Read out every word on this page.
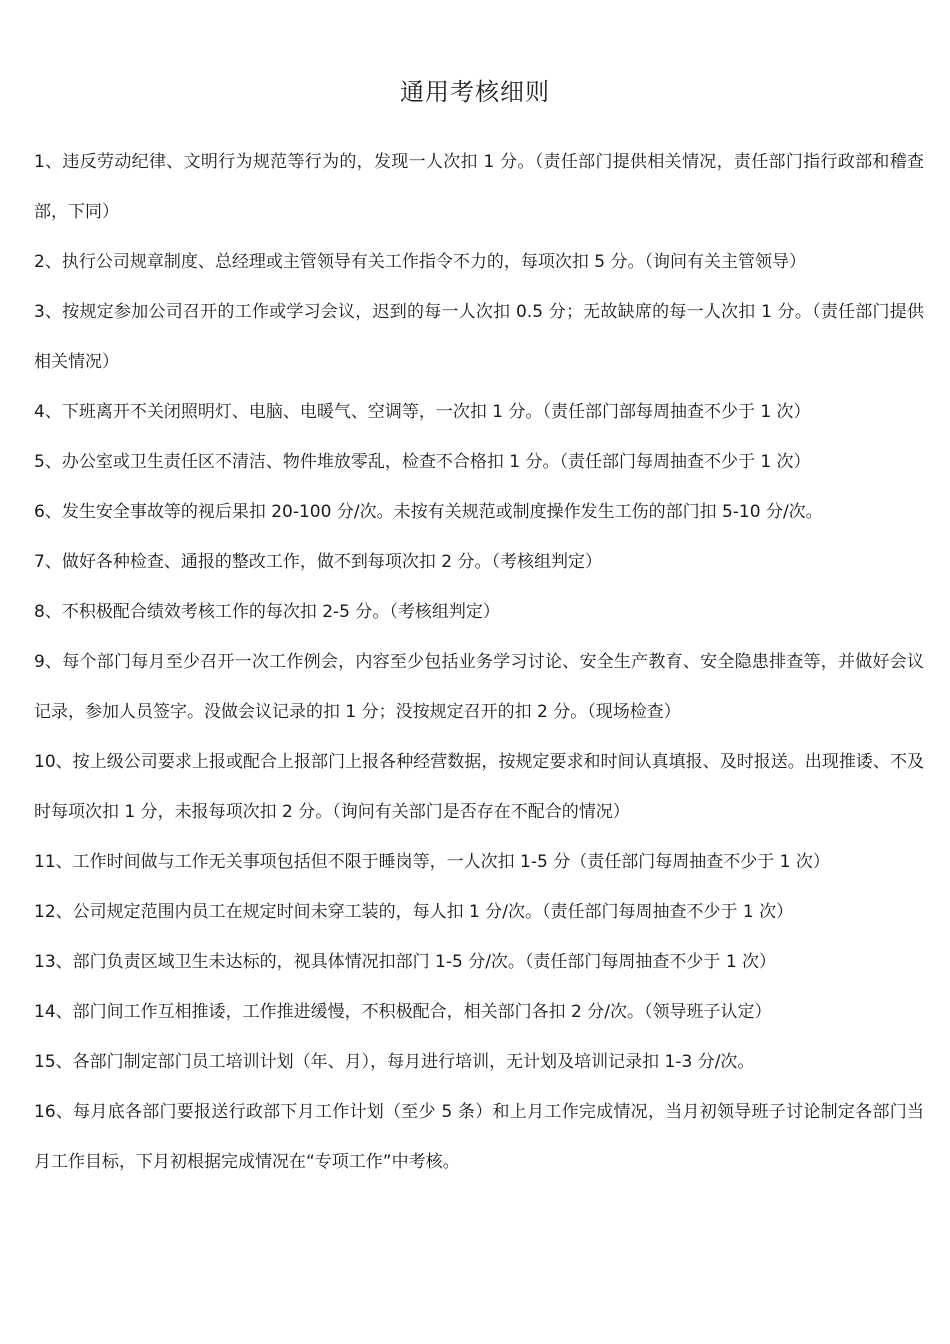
通用考核细则
1、违反劳动纪律、文明行为规范等行为的，发现一人次扣 1 分。（责任部门提供相关情况，责任部门指行政部和稽查部，下同）
2、执行公司规章制度、总经理或主管领导有关工作指令不力的，每项次扣 5 分。（询问有关主管领导）
3、按规定参加公司召开的工作或学习会议，迟到的每一人次扣 0.5 分；无故缺席的每一人次扣 1 分。（责任部门提供相关情况）
4、下班离开不关闭照明灯、电脑、电暖气、空调等，一次扣 1 分。（责任部门部每周抽查不少于 1 次）
5、办公室或卫生责任区不清洁、物件堆放零乱，检查不合格扣 1 分。（责任部门每周抽查不少于 1 次）
6、发生安全事故等的视后果扣 20-100 分/次。未按有关规范或制度操作发生工伤的部门扣 5-10 分/次。
7、做好各种检查、通报的整改工作，做不到每项次扣 2 分。（考核组判定）
8、不积极配合绩效考核工作的每次扣 2-5 分。（考核组判定）
9、每个部门每月至少召开一次工作例会，内容至少包括业务学习讨论、安全生产教育、安全隐患排查等，并做好会议记录，参加人员签字。没做会议记录的扣 1 分；没按规定召开的扣 2 分。（现场检查）
10、按上级公司要求上报或配合上报部门上报各种经营数据，按规定要求和时间认真填报、及时报送。出现推诿、不及时每项次扣 1 分，未报每项次扣 2 分。（询问有关部门是否存在不配合的情况）
11、工作时间做与工作无关事项包括但不限于睡岗等，一人次扣 1-5 分（责任部门每周抽查不少于 1 次）
12、公司规定范围内员工在规定时间未穿工装的，每人扣 1 分/次。（责任部门每周抽查不少于 1 次）
13、部门负责区域卫生未达标的，视具体情况扣部门 1-5 分/次。（责任部门每周抽查不少于 1 次）
14、部门间工作互相推诿，工作推进缓慢，不积极配合，相关部门各扣 2 分/次。（领导班子认定）
15、各部门制定部门员工培训计划（年、月），每月进行培训，无计划及培训记录扣 1-3 分/次。
16、每月底各部门要报送行政部下月工作计划（至少 5 条）和上月工作完成情况，当月初领导班子讨论制定各部门当月工作目标，下月初根据完成情况在“专项工作”中考核。
